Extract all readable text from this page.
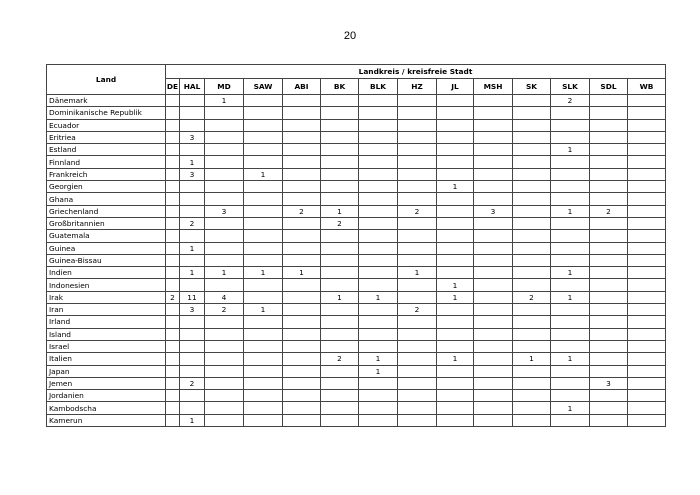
20
Land	Landkreis / kreisfreie Stadt													
	DE	HAL	MD	SAW	ABI	BK	BLK	HZ	JL	MSH	SK	SLK	SDL	WB
Dänemark			1									2		
Dominikanische Republik														
Ecuador														
Eritriea		3												
Estland												1		
Finnland		1												
Frankreich		3		1										
Georgien									1					
Ghana														
Griechenland			3		2	1		2		3		1	2	
Großbritannien		2				2								
Guatemala														
Guinea		1												
Guinea-Bissau														
Indien		1	1	1	1			1				1		
Indonesien									1					
Irak	2	11	4			1	1		1		2	1		
Iran		3	2	1				2						
Irland														
Island														
Israel														
Italien						2	1		1		1	1		
Japan							1							
Jemen		2											3	
Jordanien														
Kambodscha												1		
Kamerun		1												
